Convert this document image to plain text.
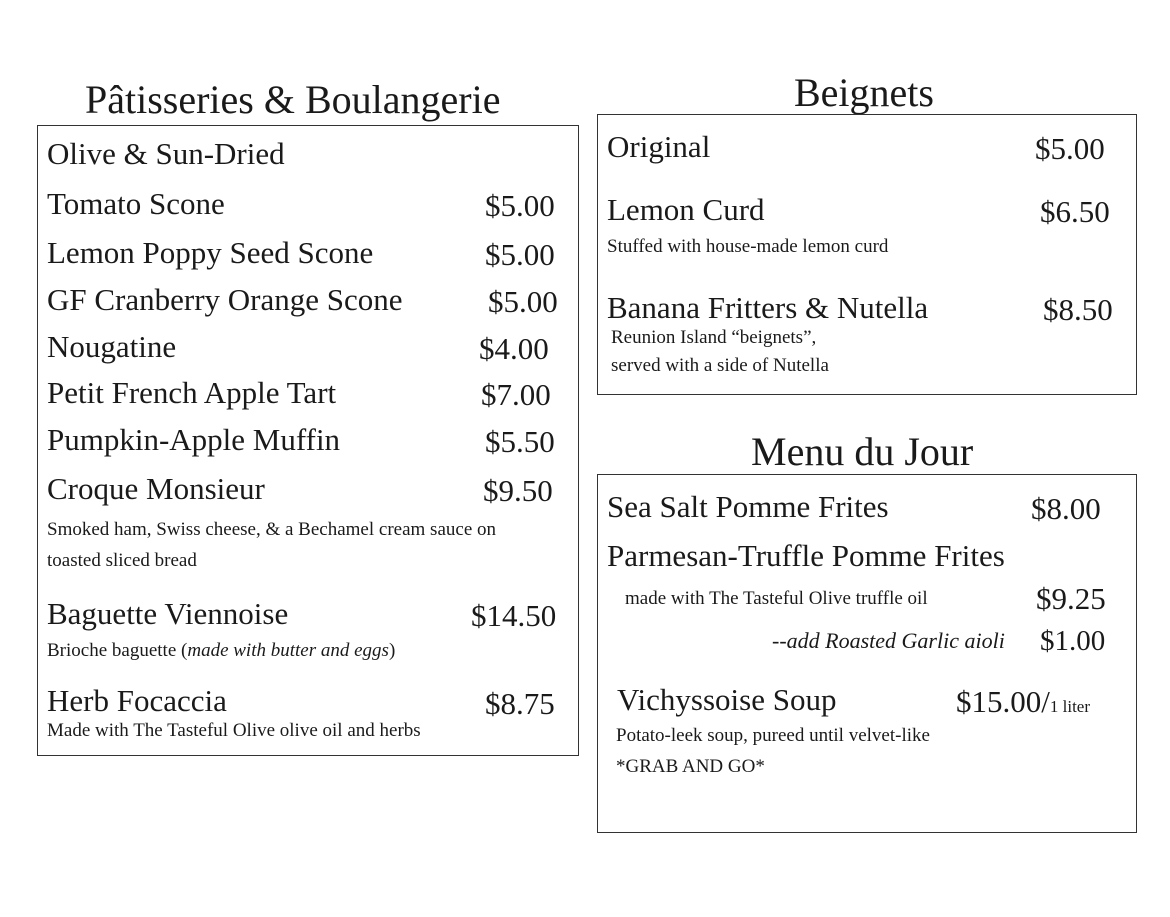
Pâtisseries & Boulangerie
Olive & Sun-Dried
Tomato Scone	$5.00
Lemon Poppy Seed Scone	$5.00
GF Cranberry Orange Scone	$5.00
Nougatine	$4.00
Petit French Apple Tart	$7.00
Pumpkin-Apple Muffin	$5.50
Croque Monsieur	$9.50
Smoked ham, Swiss cheese, & a Bechamel cream sauce on
toasted sliced bread
Baguette Viennoise	$14.50
Brioche baguette (made with butter and eggs)
Herb Focaccia	$8.75
Made with The Tasteful Olive olive oil and herbs
Beignets
Original	$5.00
Lemon Curd	$6.50
Stuffed with house-made lemon curd
Banana Fritters & Nutella	$8.50
Reunion Island “beignets”,
served with a side of Nutella
Menu du Jour
Sea Salt Pomme Frites	$8.00
Parmesan-Truffle Pomme Frites
made with The Tasteful Olive truffle oil	$9.25
--add Roasted Garlic aioli $1.00
Vichyssoise Soup	$15.00/1 liter
Potato-leek soup, pureed until velvet-like
*GRAB AND GO*
